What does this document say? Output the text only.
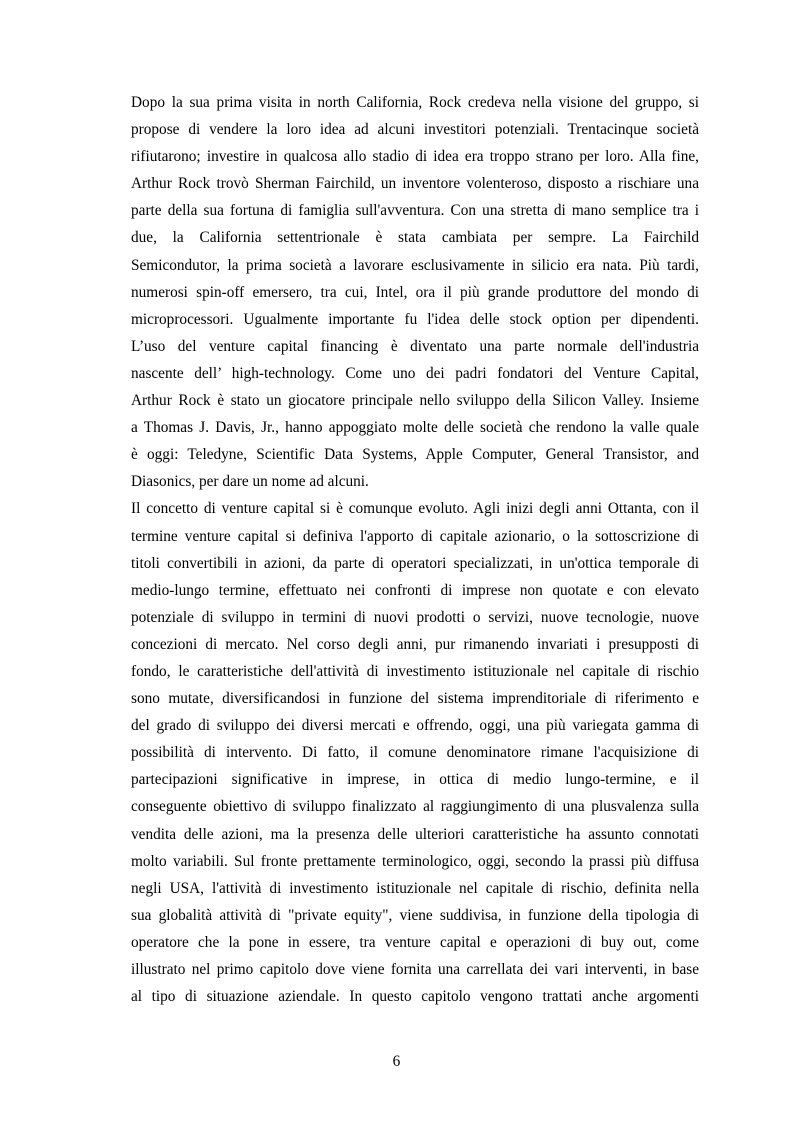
Dopo la sua prima visita in north California, Rock credeva nella visione del gruppo, si
propose di vendere la loro idea ad alcuni investitori potenziali. Trentacinque società
rifiutarono; investire in qualcosa allo stadio di idea era troppo strano per loro. Alla fine,
Arthur Rock trovò Sherman Fairchild, un inventore volenteroso, disposto a rischiare una
parte della sua fortuna di famiglia sull'avventura. Con una stretta di mano semplice tra i
due, la California settentrionale è stata cambiata per sempre. La Fairchild
Semicondutor, la prima società a lavorare esclusivamente in silicio era nata. Più tardi,
numerosi spin-off emersero, tra cui, Intel, ora il più grande produttore del mondo di
microprocessori. Ugualmente importante fu l'idea delle stock option per dipendenti.
L’uso del venture capital financing è diventato una parte normale dell'industria
nascente dell’ high-technology. Come uno dei padri fondatori del Venture Capital,
Arthur Rock è stato un giocatore principale nello sviluppo della Silicon Valley. Insieme
a Thomas J. Davis, Jr., hanno appoggiato molte delle società che rendono la valle quale
è oggi: Teledyne, Scientific Data Systems, Apple Computer, General Transistor, and
Diasonics, per dare un nome ad alcuni.
Il concetto di venture capital si è comunque evoluto. Agli inizi degli anni Ottanta, con il
termine venture capital si definiva l'apporto di capitale azionario, o la sottoscrizione di
titoli convertibili in azioni, da parte di operatori specializzati, in un'ottica temporale di
medio-lungo termine, effettuato nei confronti di imprese non quotate e con elevato
potenziale di sviluppo in termini di nuovi prodotti o servizi, nuove tecnologie, nuove
concezioni di mercato. Nel corso degli anni, pur rimanendo invariati i presupposti di
fondo, le caratteristiche dell'attività di investimento istituzionale nel capitale di rischio
sono mutate, diversificandosi in funzione del sistema imprenditoriale di riferimento e
del grado di sviluppo dei diversi mercati e offrendo, oggi, una più variegata gamma di
possibilità di intervento. Di fatto, il comune denominatore rimane l'acquisizione di
partecipazioni significative in imprese, in ottica di medio lungo-termine, e il
conseguente obiettivo di sviluppo finalizzato al raggiungimento di una plusvalenza sulla
vendita delle azioni, ma la presenza delle ulteriori caratteristiche ha assunto connotati
molto variabili. Sul fronte prettamente terminologico, oggi, secondo la prassi più diffusa
negli USA, l'attività di investimento istituzionale nel capitale di rischio, definita nella
sua globalità attività di "private equity", viene suddivisa, in funzione della tipologia di
operatore che la pone in essere, tra venture capital e operazioni di buy out, come
illustrato nel primo capitolo dove viene fornita una carrellata dei vari interventi, in base
al tipo di situazione aziendale. In questo capitolo vengono trattati anche argomenti
6
